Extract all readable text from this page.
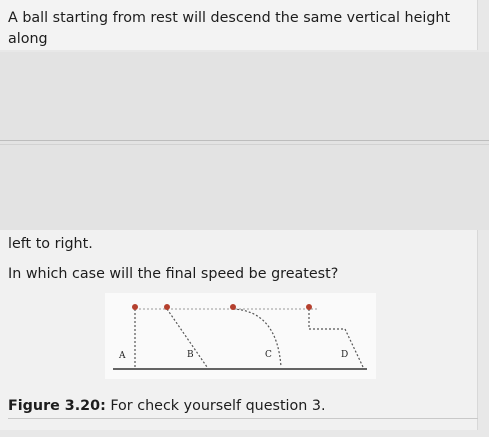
A ball starting from rest will descend the same vertical height along

left to right.

In which case will the final speed be greatest?

A	B	C	D
Figure 3.20: For check yourself question 3.
